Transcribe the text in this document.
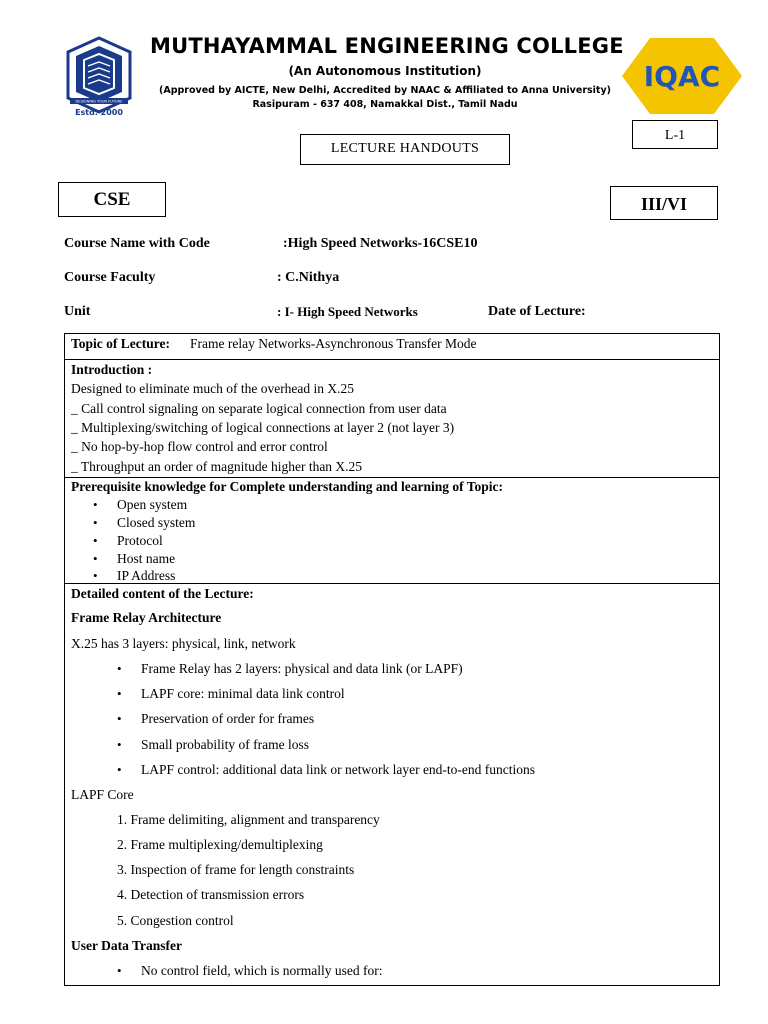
DESIGNING YOUR FUTURE
Estd. 2000
MUTHAYAMMAL ENGINEERING COLLEGE
(An Autonomous Institution)
(Approved by AICTE, New Delhi, Accredited by NAAC & Affiliated to Anna University)
Rasipuram - 637 408, Namakkal Dist., Tamil Nadu
IQAC
L-1
LECTURE HANDOUTS
CSE	III/VI
Course Name with Code	:High Speed Networks-16CSE10
Course Faculty	: C.Nithya
Unit	: I- High Speed Networks	Date of Lecture:
Topic of Lecture: Frame relay Networks-Asynchronous Transfer Mode
Introduction :
Designed to eliminate much of the overhead in X.25
_ Call control signaling on separate logical connection from user data
_ Multiplexing/switching of logical connections at layer 2 (not layer 3)
_ No hop-by-hop flow control and error control
_ Throughput an order of magnitude higher than X.25
Prerequisite knowledge for Complete understanding and learning of Topic:
• Open system
• Closed system
• Protocol
• Host name
• IP Address
Detailed content of the Lecture:
Frame Relay Architecture
X.25 has 3 layers: physical, link, network
• Frame Relay has 2 layers: physical and data link (or LAPF)
• LAPF core: minimal data link control
• Preservation of order for frames
• Small probability of frame loss
• LAPF control: additional data link or network layer end-to-end functions
LAPF Core
1. Frame delimiting, alignment and transparency
2. Frame multiplexing/demultiplexing
3. Inspection of frame for length constraints
4. Detection of transmission errors
5. Congestion control
User Data Transfer
• No control field, which is normally used for:
